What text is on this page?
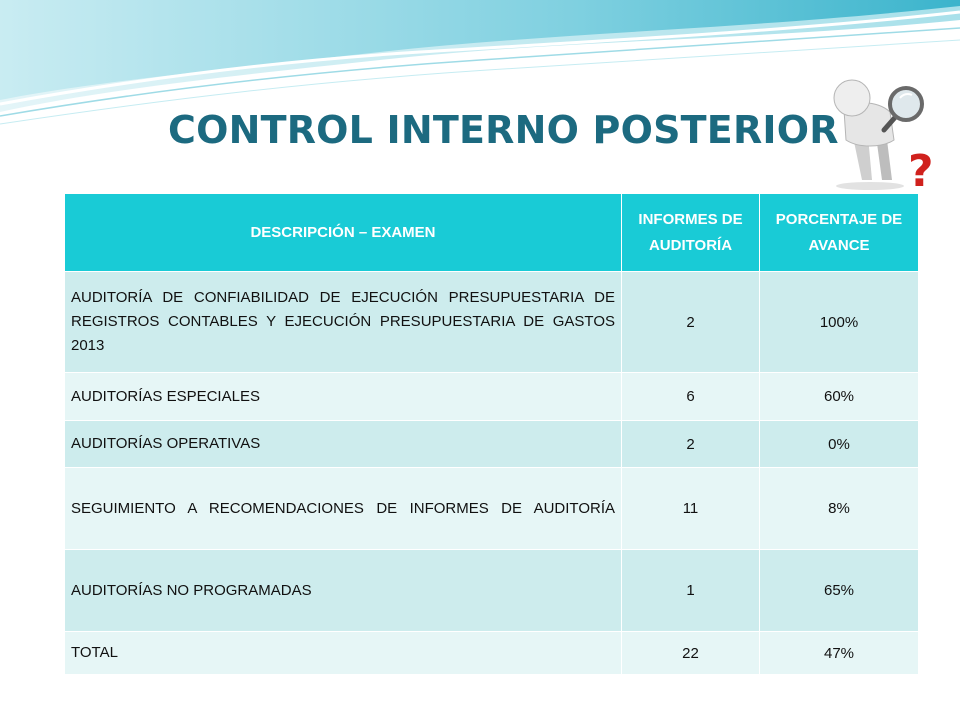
CONTROL INTERNO POSTERIOR
?
DESCRIPCIÓN – EXAMEN	INFORMES DE AUDITORÍA	PORCENTAJE DE AVANCE
AUDITORÍA DE CONFIABILIDAD DE EJECUCIÓN PRESUPUESTARIA DE REGISTROS CONTABLES Y EJECUCIÓN PRESUPUESTARIA DE GASTOS 2013	2	100%
AUDITORÍAS ESPECIALES	6	60%
AUDITORÍAS OPERATIVAS	2	0%
SEGUIMIENTO A RECOMENDACIONES DE INFORMES DE AUDITORÍA	11	8%
AUDITORÍAS NO PROGRAMADAS	1	65%
TOTAL	22	47%
